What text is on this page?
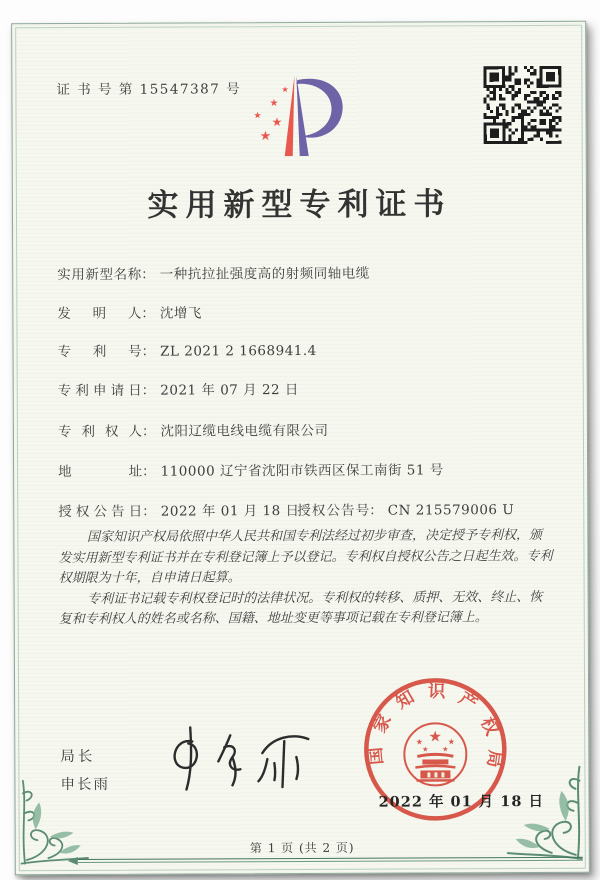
证 书 号 第 15547387 号	★
★
★ ★
★
实用新型专利证书
实用新型名称： 一种抗拉扯强度高的射频同轴电缆
发明人： 沈增飞
专利号： ZL 2021 2 1668941.4
专利申请日： 2021 年 07 月 22 日
专利权人： 沈阳辽缆电线电缆有限公司
地址： 110000 辽宁省沈阳市铁西区保工南街 51 号
授权公告日： 2022 年 01 月 18 日
授权公告号： CN 215579006 U

国家知识产权局依照中华人民共和国专利法经过初步审查，决定授予专利权，颁发实用新型专利证书并在专利登记簿上予以登记。专利权自授权公告之日起生效。专利权期限为十年，自申请日起算。

专利证书记载专利权登记时的法律状况。专利权的转移、质押、无效、终止、恢复和专利权人的姓名或名称、国籍、地址变更等事项记载在专利登记簿上。

局长
申长雨
国家知识产权局
★
★	★
★ ★
2022 年 01 月 18 日
第 1 页 (共 2 页)
